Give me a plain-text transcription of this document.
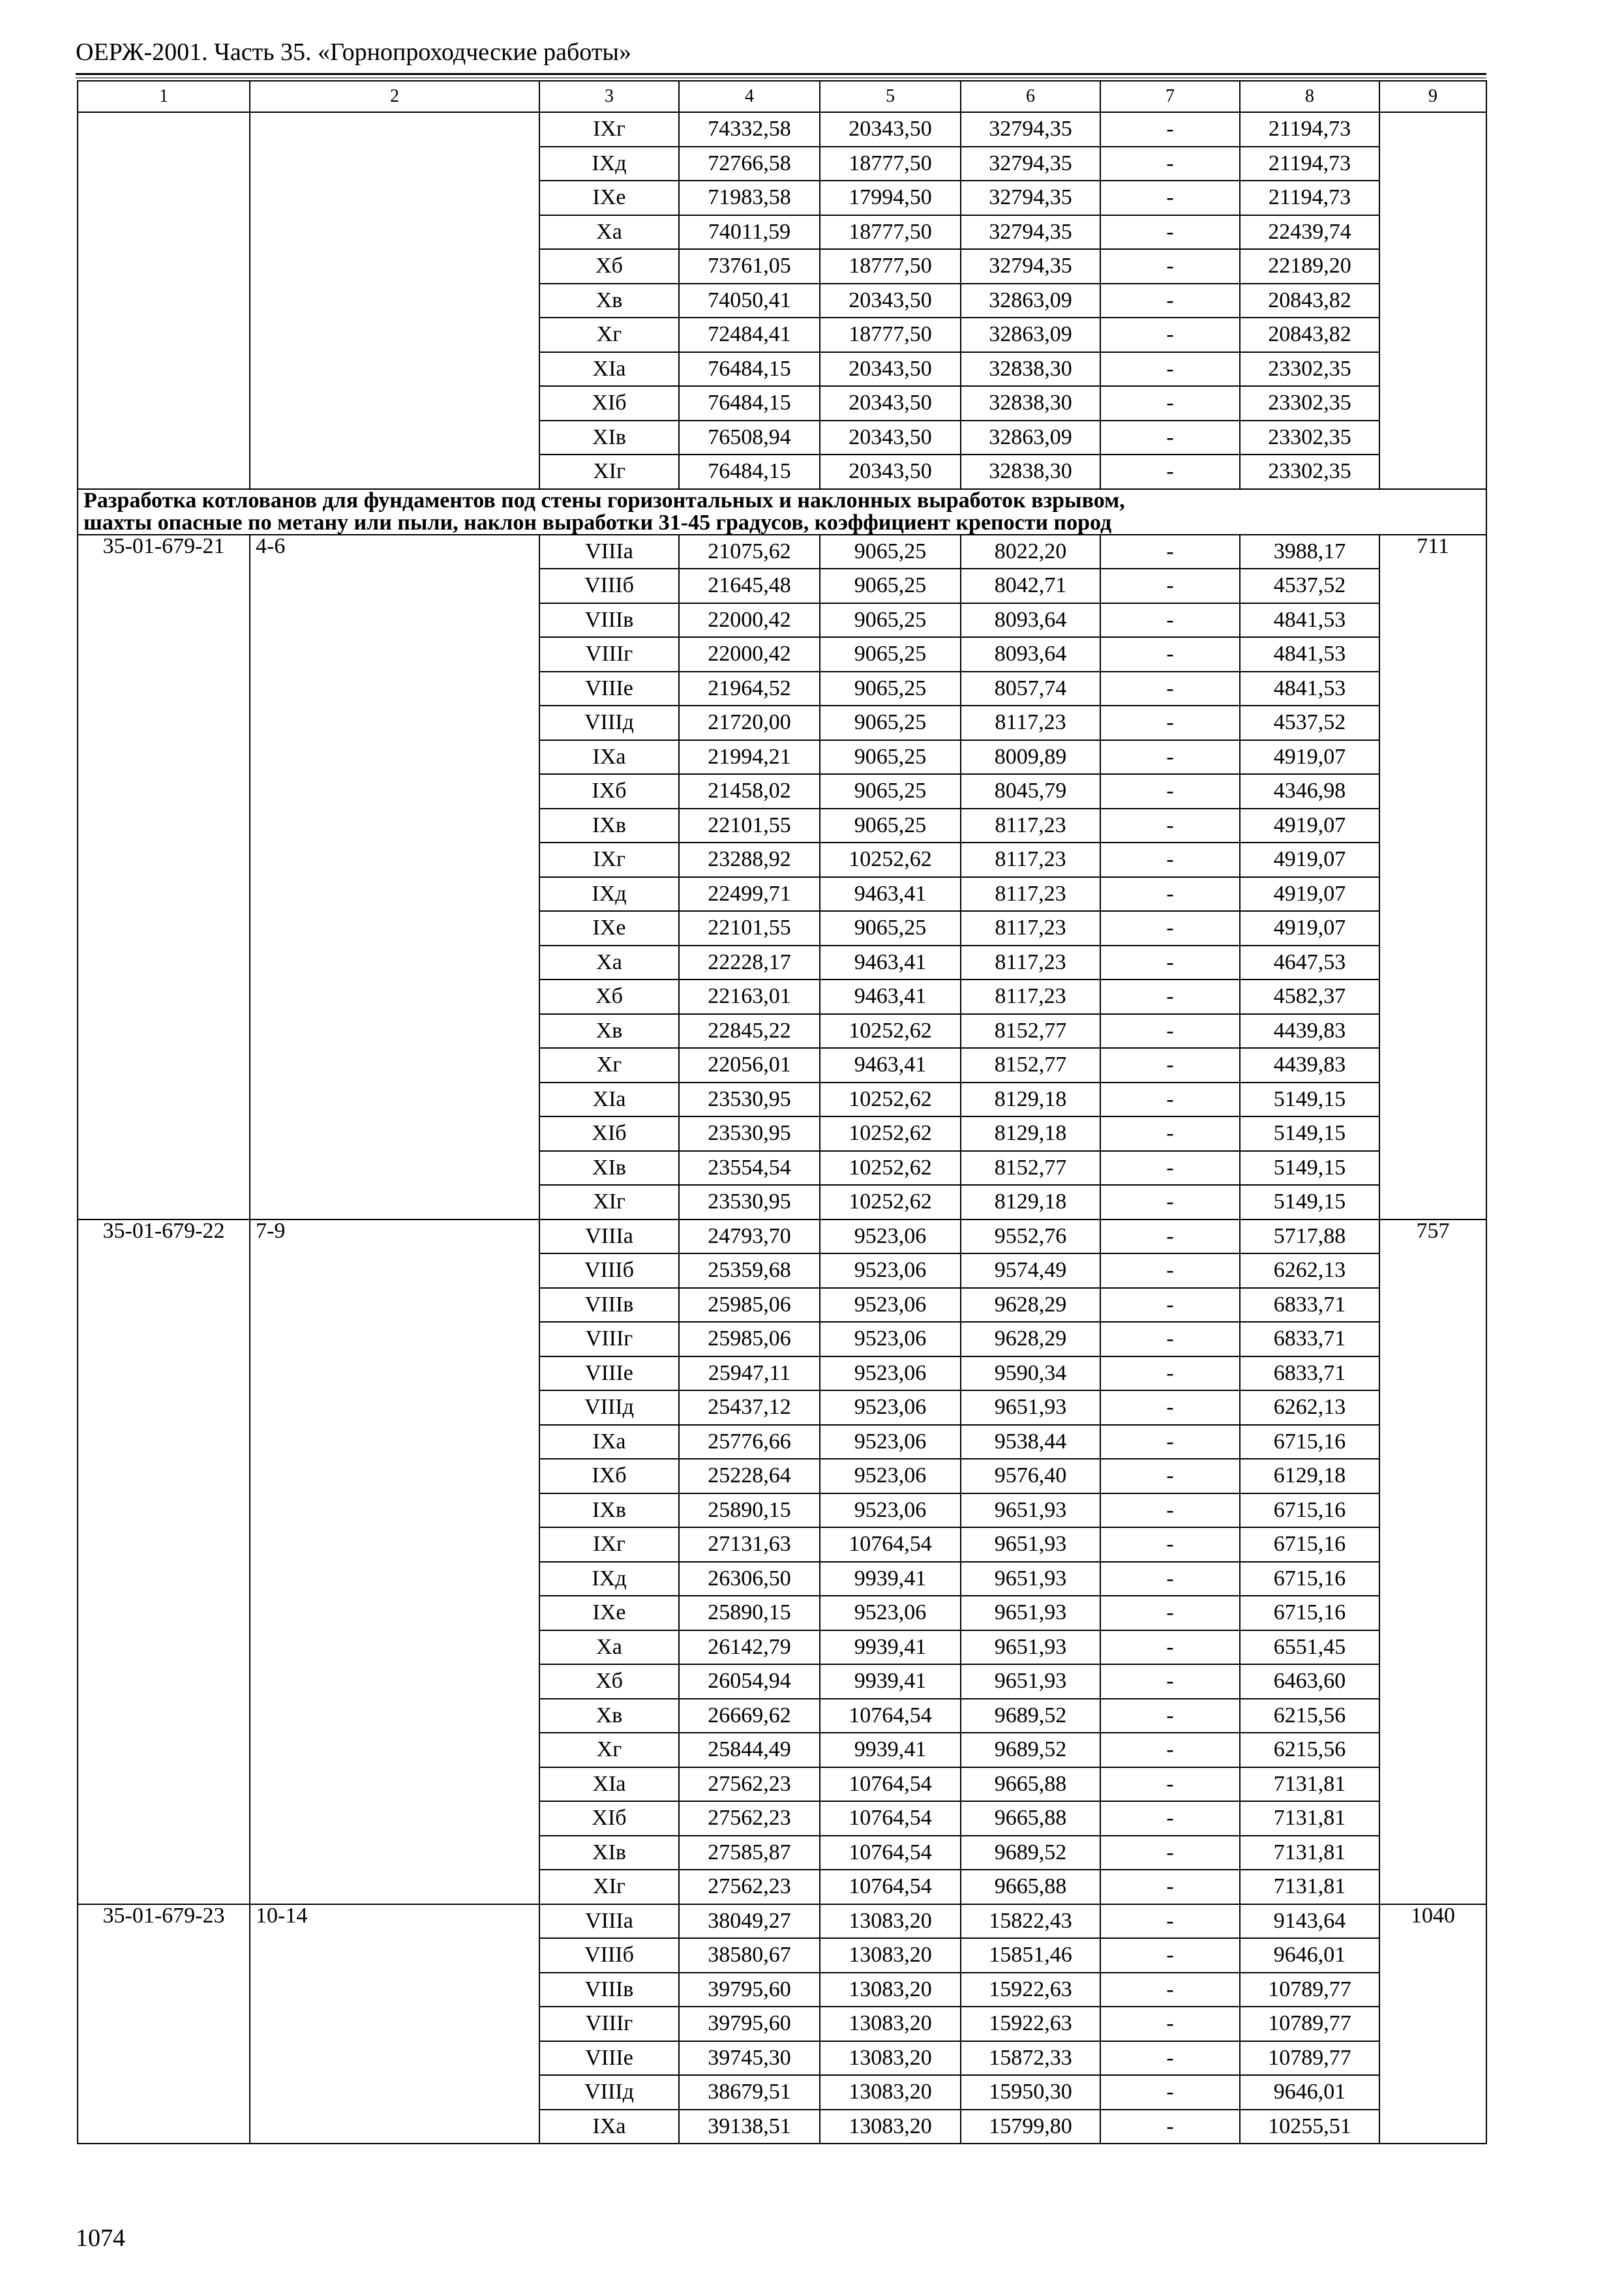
ОЕРЖ-2001. Часть 35. «Горнопроходческие работы»
1	2	3	4	5	6	7	8	9
		IXг	74332,58	20343,50	32794,35	-	21194,73	
		IXд	72766,58	18777,50	32794,35	-	21194,73	
		IXе	71983,58	17994,50	32794,35	-	21194,73	
		Xа	74011,59	18777,50	32794,35	-	22439,74	
		Xб	73761,05	18777,50	32794,35	-	22189,20	
		Xв	74050,41	20343,50	32863,09	-	20843,82	
		Xг	72484,41	18777,50	32863,09	-	20843,82	
		XIа	76484,15	20343,50	32838,30	-	23302,35	
		XIб	76484,15	20343,50	32838,30	-	23302,35	
		XIв	76508,94	20343,50	32863,09	-	23302,35	
		XIг	76484,15	20343,50	32838,30	-	23302,35	

Разработка котлованов для фундаментов под стены горизонтальных и наклонных выработок взрывом,
шахты опасные по метану или пыли, наклон выработки 31-45 градусов, коэффициент крепости пород								

35-01-679-21	4-6	VIIIа	21075,62	9065,25	8022,20	-	3988,17	711
		VIIIб	21645,48	9065,25	8042,71	-	4537,52	
		VIIIв	22000,42	9065,25	8093,64	-	4841,53	
		VIIIг	22000,42	9065,25	8093,64	-	4841,53	
		VIIIе	21964,52	9065,25	8057,74	-	4841,53	
		VIIIд	21720,00	9065,25	8117,23	-	4537,52	
		IXа	21994,21	9065,25	8009,89	-	4919,07	
		IXб	21458,02	9065,25	8045,79	-	4346,98	
		IXв	22101,55	9065,25	8117,23	-	4919,07	
		IXг	23288,92	10252,62	8117,23	-	4919,07	
		IXд	22499,71	9463,41	8117,23	-	4919,07	
		IXе	22101,55	9065,25	8117,23	-	4919,07	
		Xа	22228,17	9463,41	8117,23	-	4647,53	
		Xб	22163,01	9463,41	8117,23	-	4582,37	
		Xв	22845,22	10252,62	8152,77	-	4439,83	
		Xг	22056,01	9463,41	8152,77	-	4439,83	
		XIа	23530,95	10252,62	8129,18	-	5149,15	
		XIб	23530,95	10252,62	8129,18	-	5149,15	
		XIв	23554,54	10252,62	8152,77	-	5149,15	
		XIг	23530,95	10252,62	8129,18	-	5149,15	
35-01-679-22	7-9	VIIIа	24793,70	9523,06	9552,76	-	5717,88	757
		VIIIб	25359,68	9523,06	9574,49	-	6262,13	
		VIIIв	25985,06	9523,06	9628,29	-	6833,71	
		VIIIг	25985,06	9523,06	9628,29	-	6833,71	
		VIIIе	25947,11	9523,06	9590,34	-	6833,71	
		VIIIд	25437,12	9523,06	9651,93	-	6262,13	
		IXа	25776,66	9523,06	9538,44	-	6715,16	
		IXб	25228,64	9523,06	9576,40	-	6129,18	
		IXв	25890,15	9523,06	9651,93	-	6715,16	
		IXг	27131,63	10764,54	9651,93	-	6715,16	
		IXд	26306,50	9939,41	9651,93	-	6715,16	
		IXе	25890,15	9523,06	9651,93	-	6715,16	
		Xа	26142,79	9939,41	9651,93	-	6551,45	
		Xб	26054,94	9939,41	9651,93	-	6463,60	
		Xв	26669,62	10764,54	9689,52	-	6215,56	
		Xг	25844,49	9939,41	9689,52	-	6215,56	
		XIа	27562,23	10764,54	9665,88	-	7131,81	
		XIб	27562,23	10764,54	9665,88	-	7131,81	
		XIв	27585,87	10764,54	9689,52	-	7131,81	
		XIг	27562,23	10764,54	9665,88	-	7131,81	
35-01-679-23	10-14	VIIIа	38049,27	13083,20	15822,43	-	9143,64	1040
		VIIIб	38580,67	13083,20	15851,46	-	9646,01	
		VIIIв	39795,60	13083,20	15922,63	-	10789,77	
		VIIIг	39795,60	13083,20	15922,63	-	10789,77	
		VIIIе	39745,30	13083,20	15872,33	-	10789,77	
		VIIIд	38679,51	13083,20	15950,30	-	9646,01	
		IXа	39138,51	13083,20	15799,80	-	10255,51	
1074
